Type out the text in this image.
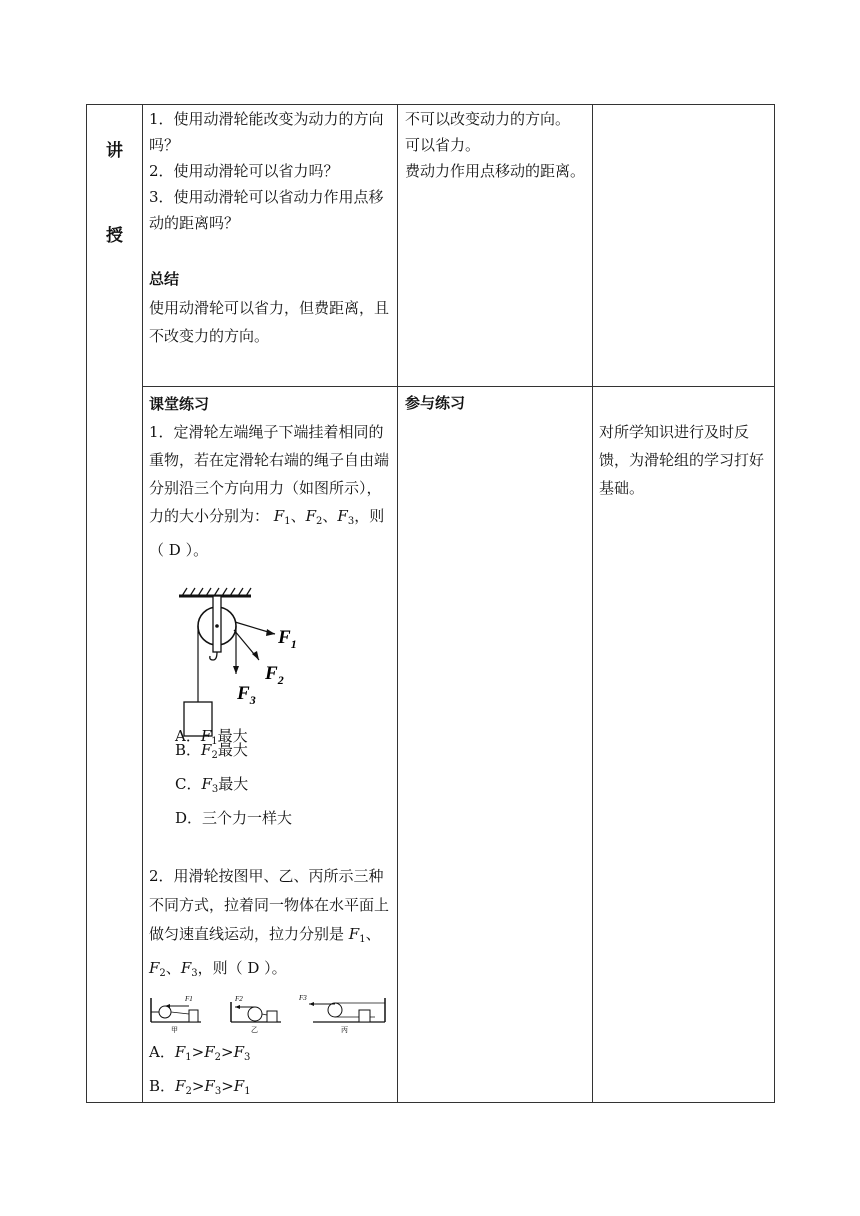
讲
授

1．使用动滑轮能改变为动力的方向吗？

2．使用动滑轮可以省力吗？

3．使用动滑轮可以省动力作用点移动的距离吗？

总结

使用动滑轮可以省力，但费距离，且不改变力的方向。

不可以改变动力的方向。

可以省力。

费动力作用点移动的距离。

课堂练习

1．定滑轮左端绳子下端挂着相同的重物，若在定滑轮右端的绳子自由端分别沿三个方向用力（如图所示），力的大小分别为： $F_1$、$F_2$、$F_3$，则（ D ）。

$F_1$
$F_2$
$F_3$

A．$F_1$最大

B．$F_2$最大

C．$F_3$最大

D．三个力一样大

2．用滑轮按图甲、乙、丙所示三种不同方式，拉着同一物体在水平面上做匀速直线运动，拉力分别是 $F_1$、$F_2$、$F_3$，则（ D ）。

F1
甲
F2
乙
F3
丙

A．$F_1>F_2>F_3$

B．$F_2>F_3>F_1$

参与练习
对所学知识进行及时反馈，为滑轮组的学习打好基础。
